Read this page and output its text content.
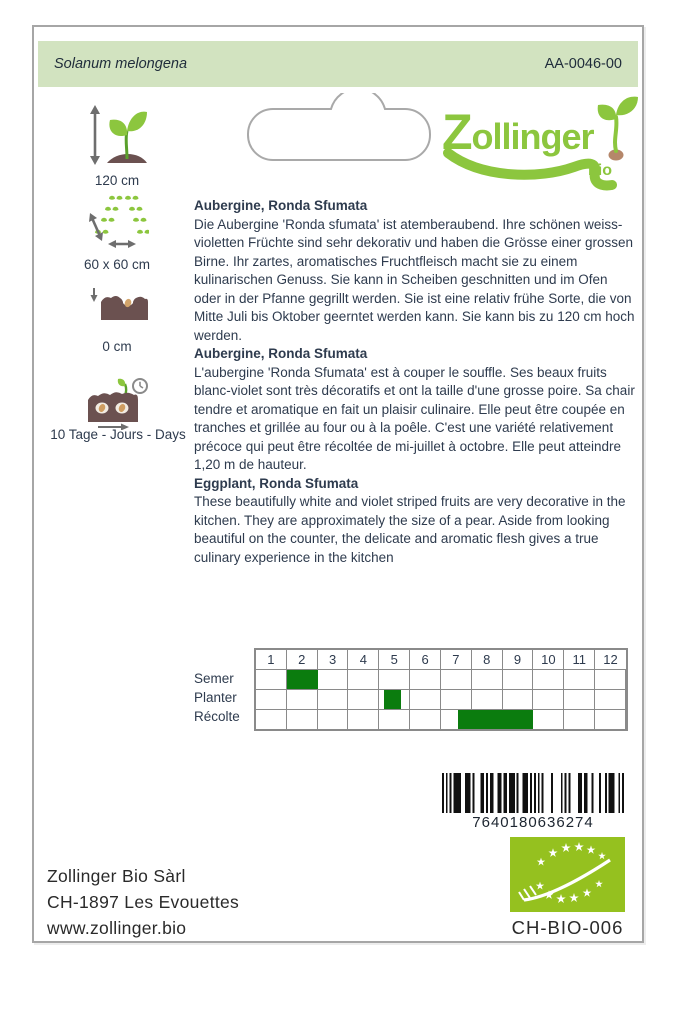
Solanum melongena	AA-0046-00
Zollinger
bio
120 cm
60 x 60 cm
0 cm
10 Tage - Jours - Days
Aubergine, Ronda Sfumata

Die Aubergine 'Ronda sfumata' ist atemberaubend. Ihre schönen weiss-violetten Früchte sind sehr dekorativ und haben die Grösse einer grossen Birne. Ihr zartes, aromatisches Fruchtfleisch macht sie zu einem kulinarischen Genuss. Sie kann in Scheiben geschnitten und im Ofen oder in der Pfanne gegrillt werden. Sie ist eine relativ frühe Sorte, die von Mitte Juli bis Oktober geerntet werden kann. Sie kann bis zu 120 cm hoch werden.

Aubergine, Ronda Sfumata

L'aubergine 'Ronda Sfumata' est à couper le souffle. Ses beaux fruits blanc-violet sont très décoratifs et ont la taille d'une grosse poire. Sa chair tendre et aromatique en fait un plaisir culinaire. Elle peut être coupée en tranches et grillée au four ou à la poêle. C'est une variété relativement précoce qui peut être récoltée de mi-juillet à octobre. Elle peut atteindre 1,20 m de hauteur.

Eggplant, Ronda Sfumata

These beautifully white and violet striped fruits are very decorative in the kitchen. They are approximately the size of a pear. Aside from looking beautiful on the counter, the delicate and aromatic flesh gives a true culinary experience in the kitchen

Semer
Planter
Récolte
1	2	3	4	5	6	7	8	9	10	11	12
7640180636274
Zollinger Bio Sàrl
CH-1897 Les Evouettes
www.zollinger.bio	CH-BIO-006
